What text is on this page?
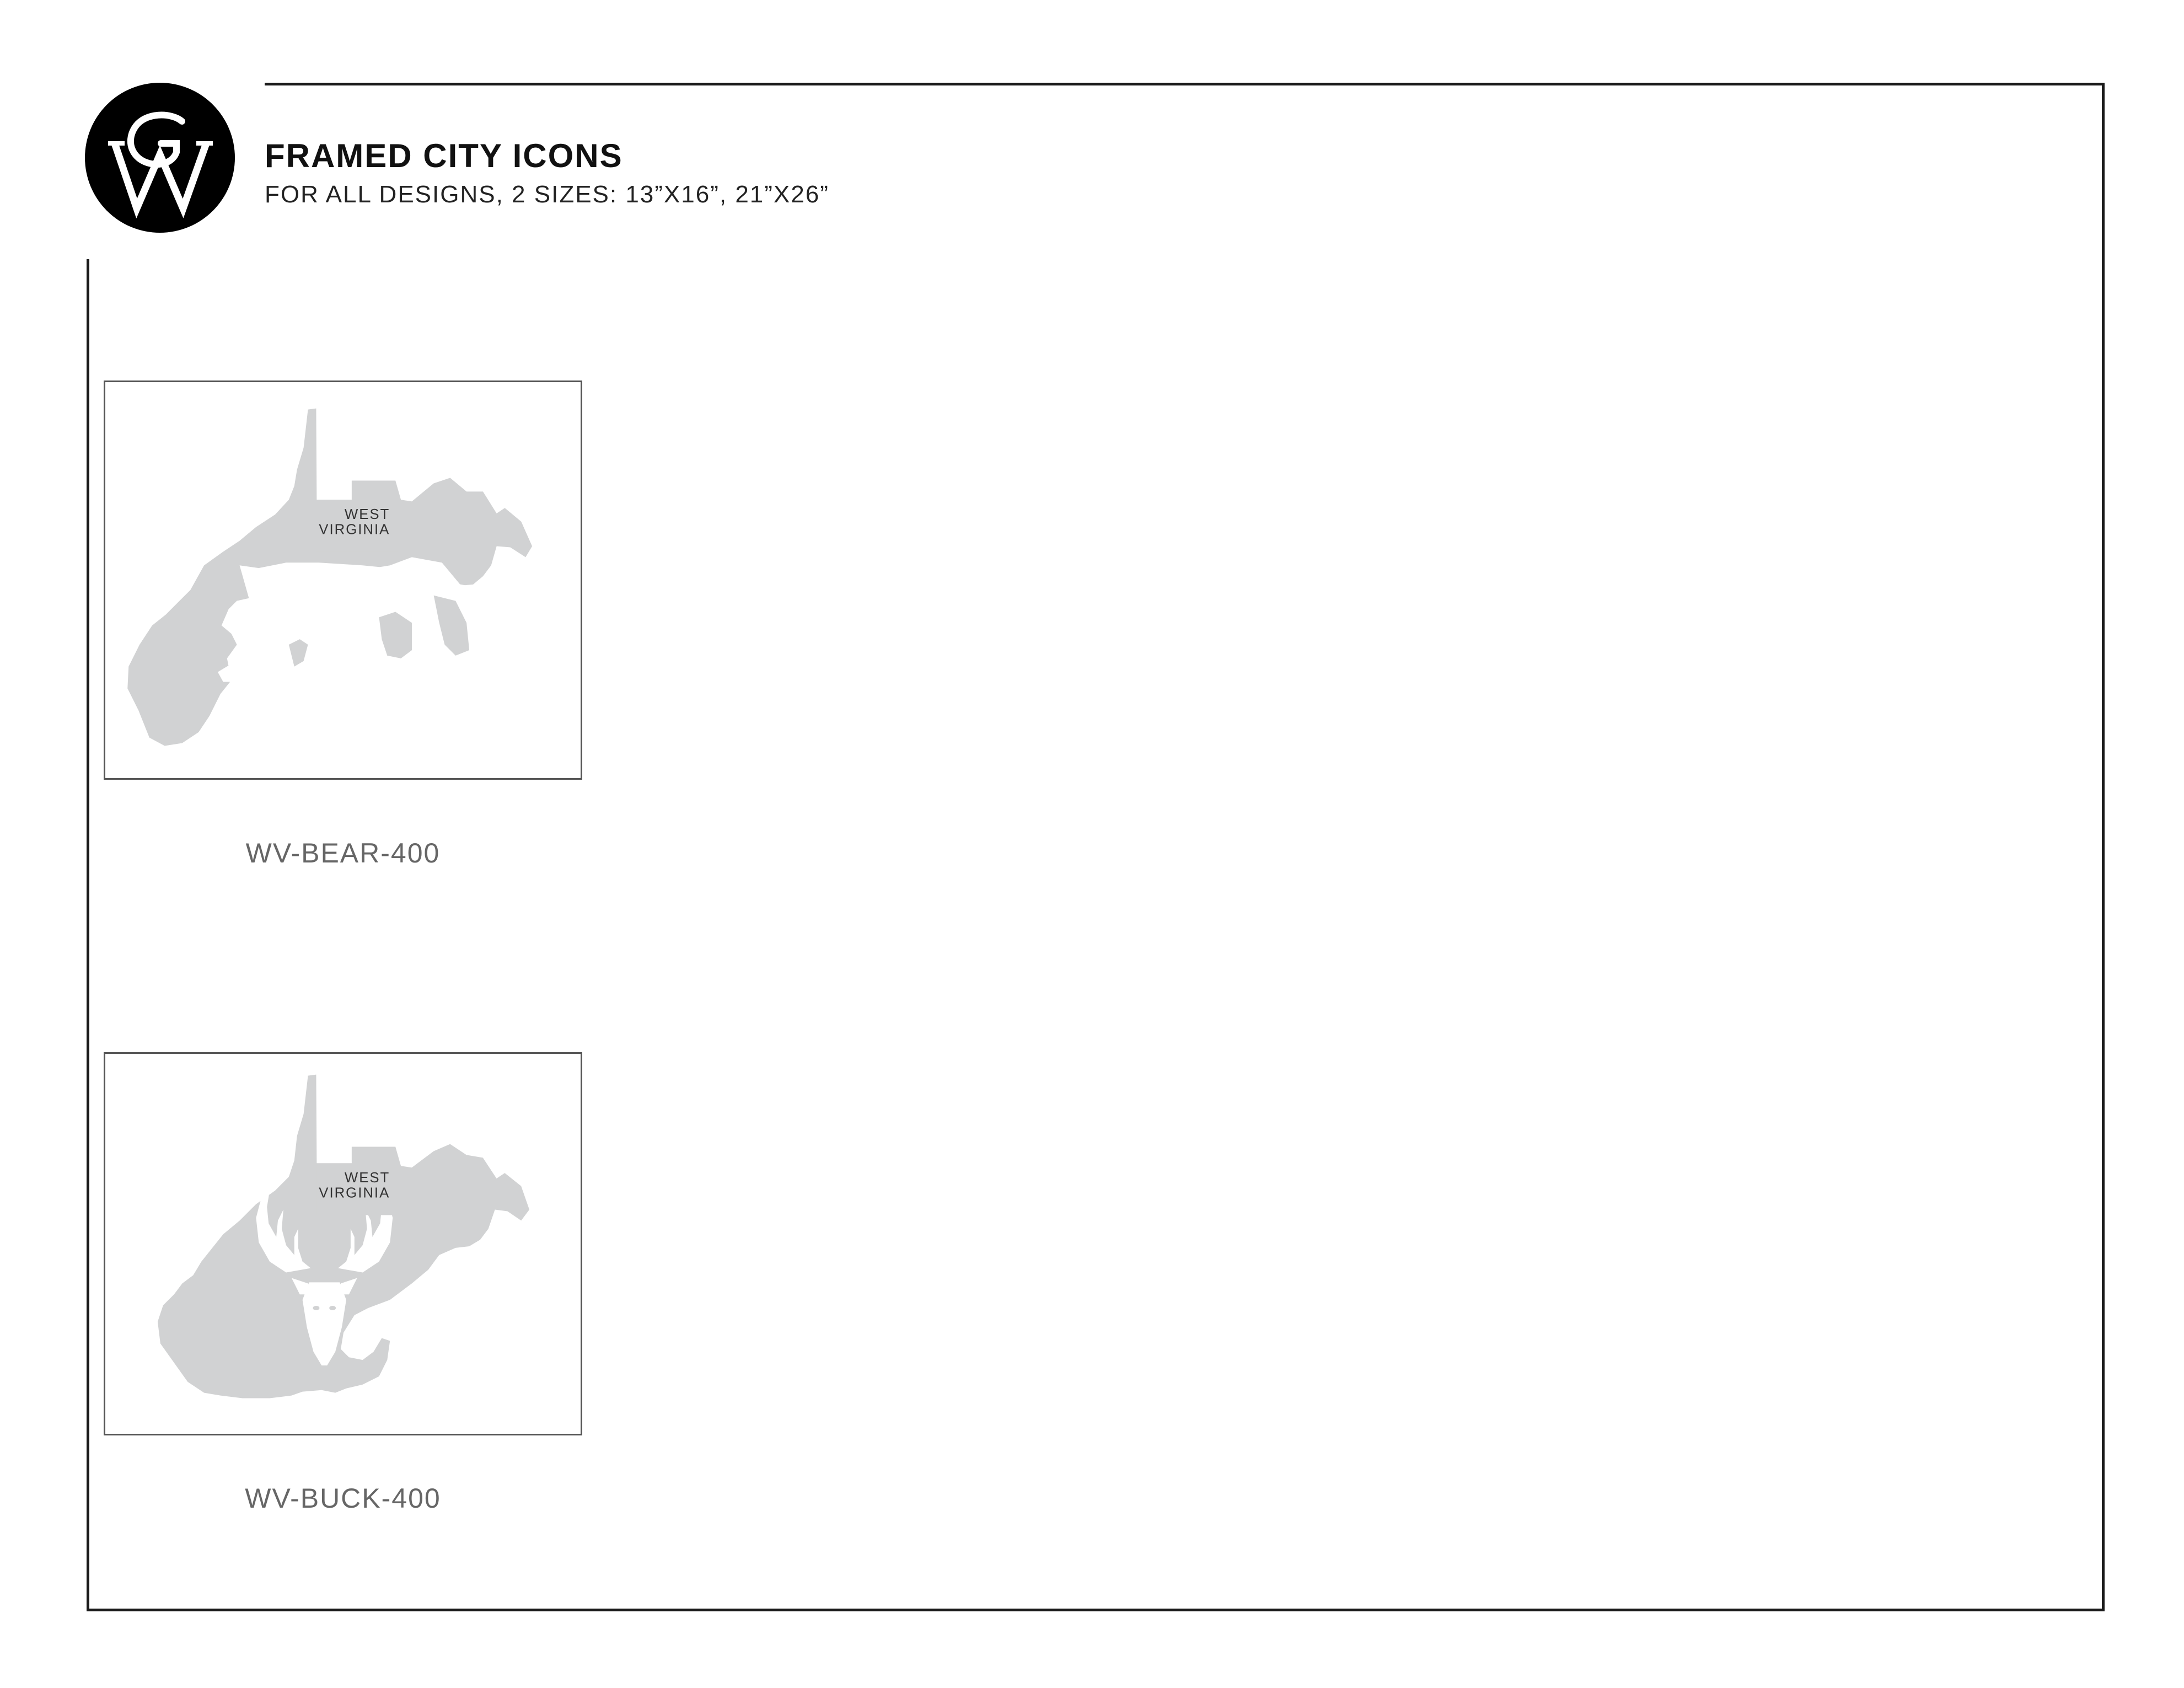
FRAMED CITY ICONS
FOR ALL DESIGNS, 2 SIZES: 13”X16”, 21”X26”
WEST
VIRGINIA
WV-BEAR-400
WEST
VIRGINIA
WV-BUCK-400
